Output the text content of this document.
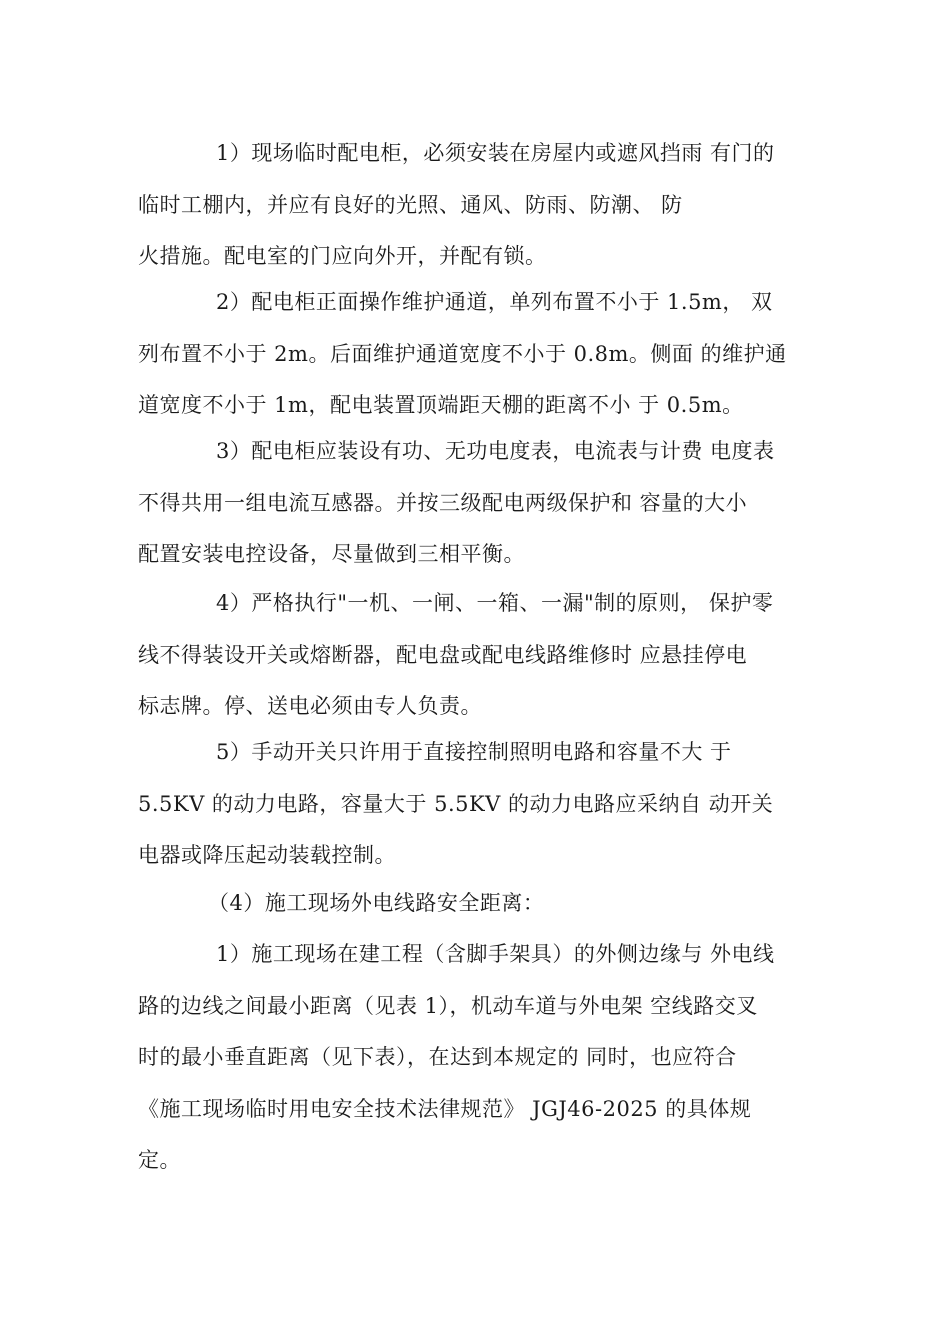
1）现场临时配电柜，必须安装在房屋内或遮风挡雨 有门的
临时工棚内，并应有良好的光照、通风、防雨、防潮、 防
火措施。配电室的门应向外开，并配有锁。
2）配电柜正面操作维护通道，单列布置不小于 1.5m， 双
列布置不小于 2m。后面维护通道宽度不小于 0.8m。侧面 的维护通
道宽度不小于 1m，配电装置顶端距天棚的距离不小 于 0.5m。
3）配电柜应装设有功、无功电度表，电流表与计费 电度表
不得共用一组电流互感器。并按三级配电两级保护和 容量的大小
配置安装电控设备，尽量做到三相平衡。
4）严格执行"一机、一闸、一箱、一漏"制的原则， 保护零
线不得装设开关或熔断器，配电盘或配电线路维修时 应悬挂停电
标志牌。停、送电必须由专人负责。
5）手动开关只许用于直接控制照明电路和容量不大 于
5.5KV 的动力电路，容量大于 5.5KV 的动力电路应采纳自 动开关
电器或降压起动装载控制。
（4）施工现场外电线路安全距离：
1）施工现场在建工程（含脚手架具）的外侧边缘与 外电线
路的边线之间最小距离（见表 1），机动车道与外电架 空线路交叉
时的最小垂直距离（见下表），在达到本规定的 同时，也应符合
《施工现场临时用电安全技术法律规范》 JGJ46-2025 的具体规
定。
